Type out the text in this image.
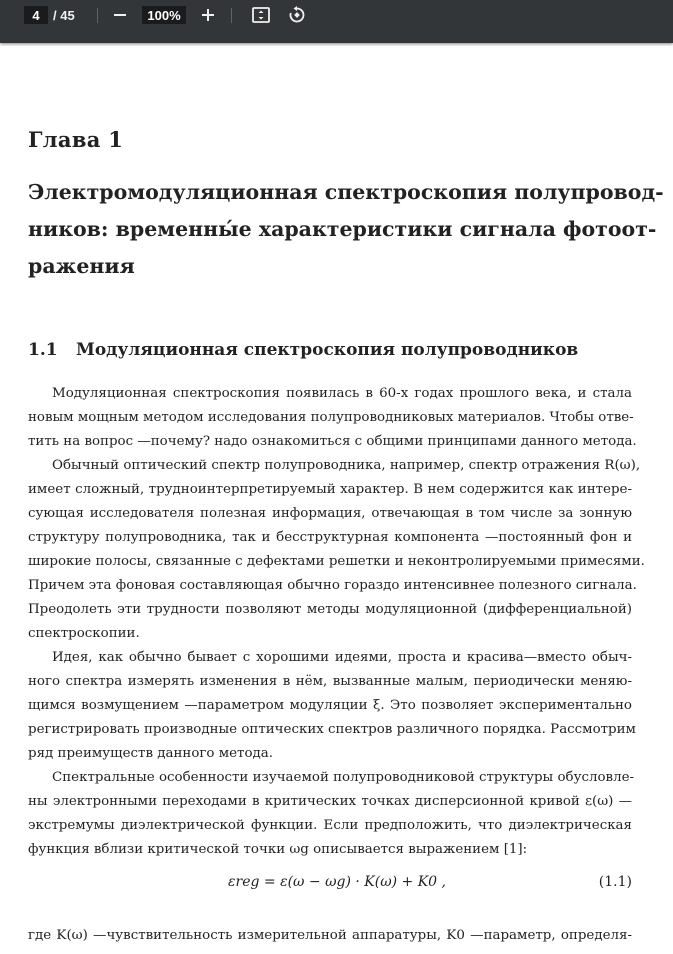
4	/ 45	100%
Глава 1
Электромодуляционная спектроскопия полупровод-
ников: временны́е характеристики сигнала фотоот-
ражения
1.1 Модуляционная спектроскопия полупроводников
Модуляционная спектроскопия появилась в 60-х годах прошлого века, и стала
новым мощным методом исследования полупроводниковых материалов. Чтобы отве-
тить на вопрос —почему? надо ознакомиться с общими принципами данного метода.
Обычный оптический спектр полупроводника, например, спектр отражения R(ω),
имеет сложный, трудноинтерпретируемый характер. В нем содержится как интере-
сующая исследователя полезная информация, отвечающая в том числе за зонную
структуру полупроводника, так и бесструктурная компонента —постоянный фон и
широкие полосы, связанные с дефектами решетки и неконтролируемыми примесями.
Причем эта фоновая составляющая обычно гораздо интенсивнее полезного сигнала.
Преодолеть эти трудности позволяют методы модуляционной (дифференциальной)
спектроскопии.
Идея, как обычно бывает с хорошими идеями, проста и красива—вместо обыч-
ного спектра измерять изменения в нём, вызванные малым, периодически меняю-
щимся возмущением —параметром модуляции ξ. Это позволяет экспериментально
регистрировать производные оптических спектров различного порядка. Рассмотрим
ряд преимуществ данного метода.
Спектральные особенности изучаемой полупроводниковой структуры обусловле-
ны электронными переходами в критических точках дисперсионной кривой ε(ω) —
экстремумы диэлектрической функции. Если предположить, что диэлектрическая
функция вблизи критической точки ωg описывается выражением [1]:
εreg = ε(ω − ωg) · K(ω) + K0 ,	(1.1)
где K(ω) —чувствительность измерительной аппаратуры, K0 —параметр, определя-
